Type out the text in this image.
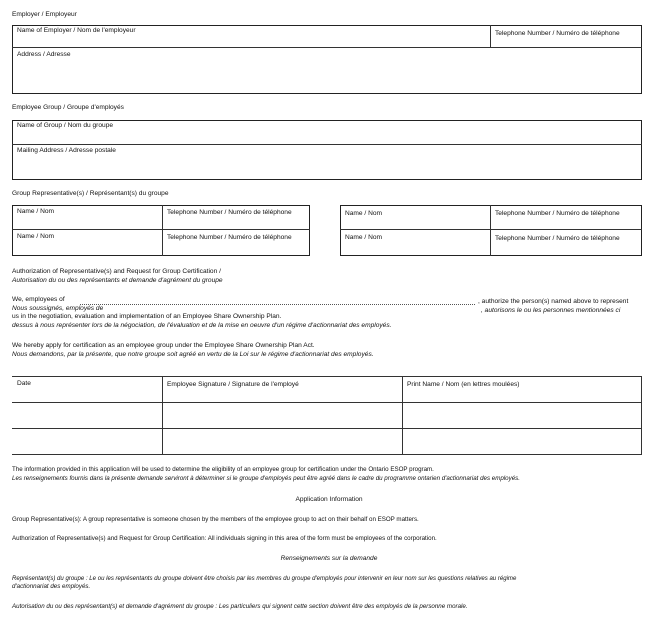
Employer / Employeur
Name of Employer / Nom de l'employeur	Telephone Number / Numéro de téléphone
Address / Adresse
Employee Group / Groupe d'employés
Name of Group / Nom du groupe
Mailing Address / Adresse postale
Group Representative(s) / Représentant(s) du groupe
Name / Nom	Telephone Number / Numéro de téléphone
Name / Nom	Telephone Number / Numéro de téléphone
Name / Nom	Telephone Number / Numéro de téléphone
Name / Nom	Telephone Number / Numéro de téléphone
Authorization of Representative(s) and Request for Group Certification /
Autorisation du ou des représentants et demande d'agrément du groupe
We, employees of	, authorize the person(s) named above to represent
Nous soussignés, employés de	, autorisons le ou les personnes mentionnées ci
us in the negotiation, evaluation and implementation of an Employee Share Ownership Plan.
dessus à nous représenter lors de la négociation, de l'évaluation et de la mise en oeuvre d'un régime d'actionnariat des employés.
We hereby apply for certification as an employee group under the Employee Share Ownership Plan Act.
Nous demandons, par la présente, que notre groupe soit agréé en vertu de la Loi sur le régime d'actionnariat des employés.
Date	Employee Signature / Signature de l'employé	Print Name / Nom (en lettres moulées)
The information provided in this application will be used to determine the eligibility of an employee group for certification under the Ontario ESOP program.
Les renseignements fournis dans la présente demande serviront à déterminer si le groupe d'employés peut être agréé dans le cadre du programme ontarien d'actionnariat des employés.
Application Information
Group Representative(s): A group representative is someone chosen by the members of the employee group to act on their behalf on ESOP matters.
Authorization of Representative(s) and Request for Group Certification: All individuals signing in this area of the form must be employees of the corporation.
Renseignements sur la demande
Représentant(s) du groupe : Le ou les représentants du groupe doivent être choisis par les membres du groupe d'employés pour intervenir en leur nom sur les questions relatives au régime
d'actionnariat des employés.
Autorisation du ou des représentant(s) et demande d'agrément du groupe : Les particuliers qui signent cette section doivent être des employés de la personne morale.
